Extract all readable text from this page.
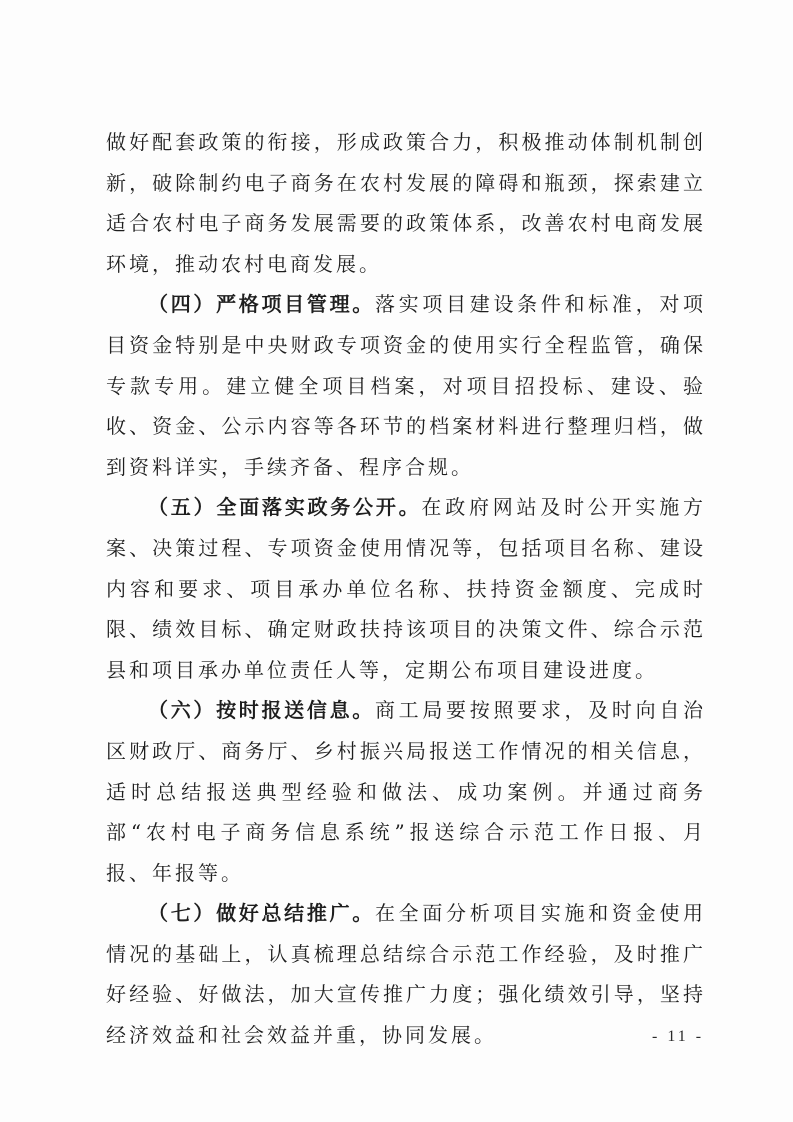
做好配套政策的衔接，形成政策合力，积极推动体制机制创新，破除制约电子商务在农村发展的障碍和瓶颈，探索建立适合农村电子商务发展需要的政策体系，改善农村电商发展环境，推动农村电商发展。

（四）严格项目管理。落实项目建设条件和标准，对项目资金特别是中央财政专项资金的使用实行全程监管，确保专款专用。建立健全项目档案，对项目招投标、建设、验收、资金、公示内容等各环节的档案材料进行整理归档，做到资料详实，手续齐备、程序合规。

（五）全面落实政务公开。在政府网站及时公开实施方案、决策过程、专项资金使用情况等，包括项目名称、建设内容和要求、项目承办单位名称、扶持资金额度、完成时限、绩效目标、确定财政扶持该项目的决策文件、综合示范县和项目承办单位责任人等，定期公布项目建设进度。

（六）按时报送信息。商工局要按照要求，及时向自治区财政厅、商务厅、乡村振兴局报送工作情况的相关信息，适时总结报送典型经验和做法、成功案例。并通过商务部“农村电子商务信息系统”报送综合示范工作日报、月报、年报等。

（七）做好总结推广。在全面分析项目实施和资金使用情况的基础上，认真梳理总结综合示范工作经验，及时推广好经验、好做法，加大宣传推广力度；强化绩效引导，坚持经济效益和社会效益并重，协同发展。	- 11 -
